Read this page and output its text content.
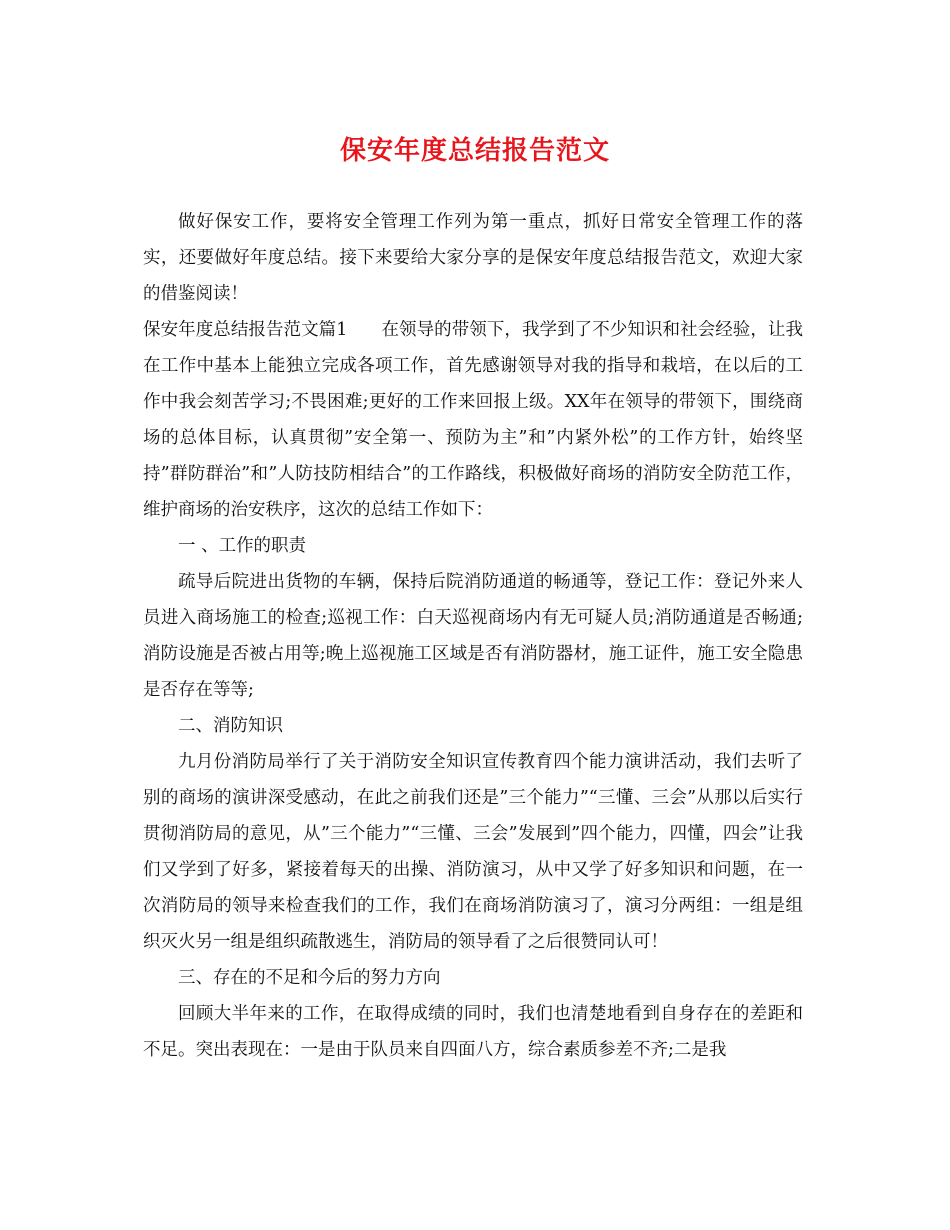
保安年度总结报告范文

做好保安工作，要将安全管理工作列为第一重点，抓好日常安全管理工作的落实，还要做好年度总结。接下来要给大家分享的是保安年度总结报告范文，欢迎大家的借鉴阅读！

保安年度总结报告范文篇1 在领导的带领下，我学到了不少知识和社会经验，让我在工作中基本上能独立完成各项工作，首先感谢领导对我的指导和栽培，在以后的工作中我会刻苦学习;不畏困难;更好的工作来回报上级。XX年在领导的带领下，围绕商场的总体目标，认真贯彻”安全第一、预防为主”和”内紧外松”的工作方针，始终坚持”群防群治”和”人防技防相结合”的工作路线，积极做好商场的消防安全防范工作，维护商场的治安秩序，这次的总结工作如下：

一 、工作的职责

疏导后院进出货物的车辆，保持后院消防通道的畅通等，登记工作：登记外来人员进入商场施工的检查;巡视工作：白天巡视商场内有无可疑人员;消防通道是否畅通;消防设施是否被占用等;晚上巡视施工区域是否有消防器材，施工证件，施工安全隐患是否存在等等;

二、消防知识

九月份消防局举行了关于消防安全知识宣传教育四个能力演讲活动，我们去听了别的商场的演讲深受感动，在此之前我们还是”三个能力”“三懂、三会”从那以后实行贯彻消防局的意见，从”三个能力”“三懂、三会”发展到”四个能力，四懂，四会”让我们又学到了好多，紧接着每天的出操、消防演习，从中又学了好多知识和问题，在一次消防局的领导来检查我们的工作，我们在商场消防演习了，演习分两组：一组是组织灭火另一组是组织疏散逃生，消防局的领导看了之后很赞同认可！

三、存在的不足和今后的努力方向

回顾大半年来的工作，在取得成绩的同时，我们也清楚地看到自身存在的差距和不足。突出表现在：一是由于队员来自四面八方，综合素质参差不齐;二是我
